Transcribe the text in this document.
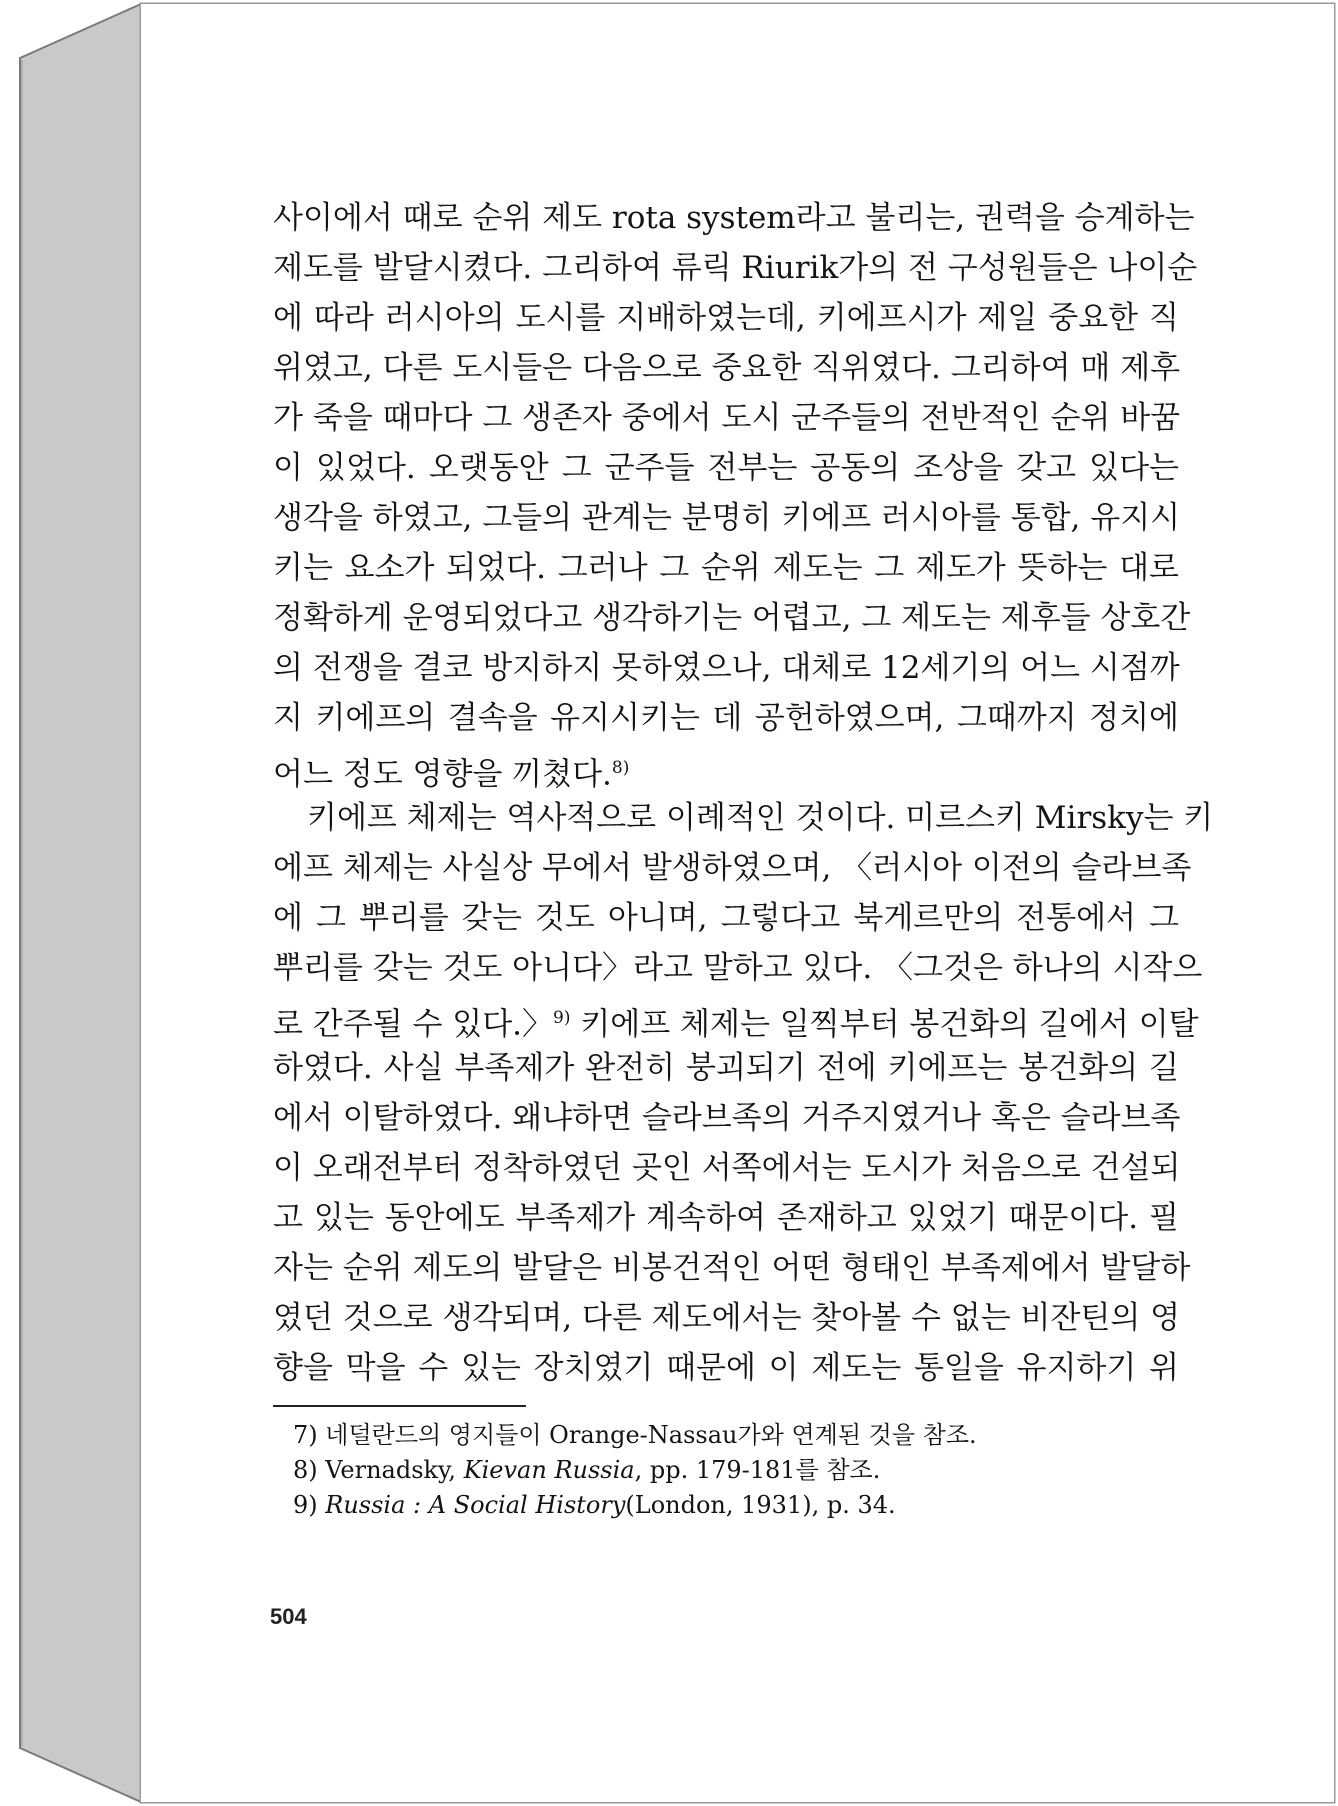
사이에서 때로 순위 제도 rota system라고 불리는, 권력을 승계하는
제도를 발달시켰다. 그리하여 류릭 Riurik가의 전 구성원들은 나이순
에 따라 러시아의 도시를 지배하였는데, 키에프시가 제일 중요한 직
위였고, 다른 도시들은 다음으로 중요한 직위였다. 그리하여 매 제후
가 죽을 때마다 그 생존자 중에서 도시 군주들의 전반적인 순위 바꿈
이 있었다. 오랫동안 그 군주들 전부는 공동의 조상을 갖고 있다는
생각을 하였고, 그들의 관계는 분명히 키에프 러시아를 통합, 유지시
키는 요소가 되었다. 그러나 그 순위 제도는 그 제도가 뜻하는 대로
정확하게 운영되었다고 생각하기는 어렵고, 그 제도는 제후들 상호간
의 전쟁을 결코 방지하지 못하였으나, 대체로 12세기의 어느 시점까
지 키에프의 결속을 유지시키는 데 공헌하였으며, 그때까지 정치에
어느 정도 영향을 끼쳤다.$^{8)}$
키에프 체제는 역사적으로 이례적인 것이다. 미르스키 Mirsky는 키
에프 체제는 사실상 무에서 발생하였으며, 〈러시아 이전의 슬라브족
에 그 뿌리를 갖는 것도 아니며, 그렇다고 북게르만의 전통에서 그
뿌리를 갖는 것도 아니다〉라고 말하고 있다. 〈그것은 하나의 시작으
로 간주될 수 있다.〉$^{9)}$ 키에프 체제는 일찍부터 봉건화의 길에서 이탈
하였다. 사실 부족제가 완전히 붕괴되기 전에 키에프는 봉건화의 길
에서 이탈하였다. 왜냐하면 슬라브족의 거주지였거나 혹은 슬라브족
이 오래전부터 정착하였던 곳인 서쪽에서는 도시가 처음으로 건설되
고 있는 동안에도 부족제가 계속하여 존재하고 있었기 때문이다. 필
자는 순위 제도의 발달은 비봉건적인 어떤 형태인 부족제에서 발달하
였던 것으로 생각되며, 다른 제도에서는 찾아볼 수 없는 비잔틴의 영
향을 막을 수 있는 장치였기 때문에 이 제도는 통일을 유지하기 위
7) 네덜란드의 영지들이 Orange-Nassau가와 연계된 것을 참조.
8) Vernadsky, Kievan Russia, pp. 179-181를 참조.
9) Russia : A Social History(London, 1931), p. 34.
504
